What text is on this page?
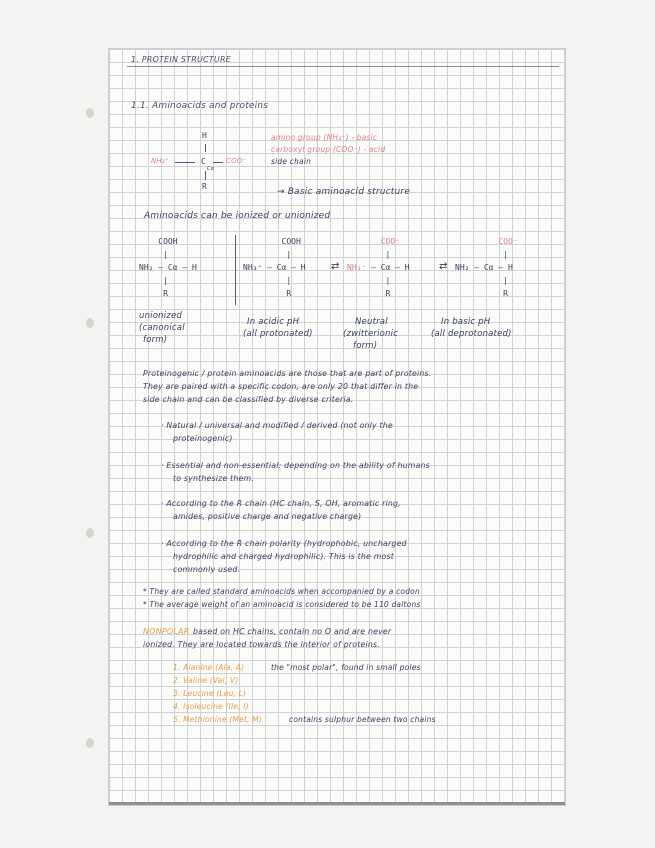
1. PROTEIN STRUCTURE
1.1. Aminoacids and proteins
H
NH₃⁺	C
Cα
COO⁻
R
amino group (NH₃⁺) - basic
carboxyl group (COO⁻) - acid
side chain
→ Basic aminoacid structure
Aminoacids can be ionized or unionized
COOH
|
NH₂ — Cα — H
|
R
COOH
|
NH₃⁺ — Cα — H
|
R
⇄
COO⁻
|
NH₃⁺ — Cα — H
|
R
⇄
COO⁻
|
NH₂ — Cα — H
|
R
unionized
(canonical
form)
In acidic pH
(all protonated)
Neutral
(zwitterionic
form)
In basic pH
(all deprotonated)
Proteinogenic / protein aminoacids are those that are part of proteins.
They are paired with a specific codon, are only 20 that differ in the
side chain and can be classified by diverse criteria.
· Natural / universal and modified / derived (not only the
proteinogenic)
· Essential and non-essential: depending on the ability of humans
to synthesize them.
· According to the R chain (HC chain, S, OH, aromatic ring,
amides, positive charge and negative charge)
· According to the R chain polarity (hydrophobic, uncharged
hydrophilic and charged hydrophilic). This is the most
commonly used.
* They are called standard aminoacids when accompanied by a codon
* The average weight of an aminoacid is considered to be 110 daltons
NONPOLAR based on HC chains, contain no O and are never
ionized. They are located towards the interior of proteins.
1. Alanine (Ala, A)	the "most polar", found in small poles
2. Valine (Val, V)
3. Leucine (Leu, L)
4. Isoleucine (Ile, I)
5. Methionine (Met, M)	contains sulphur between two chains
